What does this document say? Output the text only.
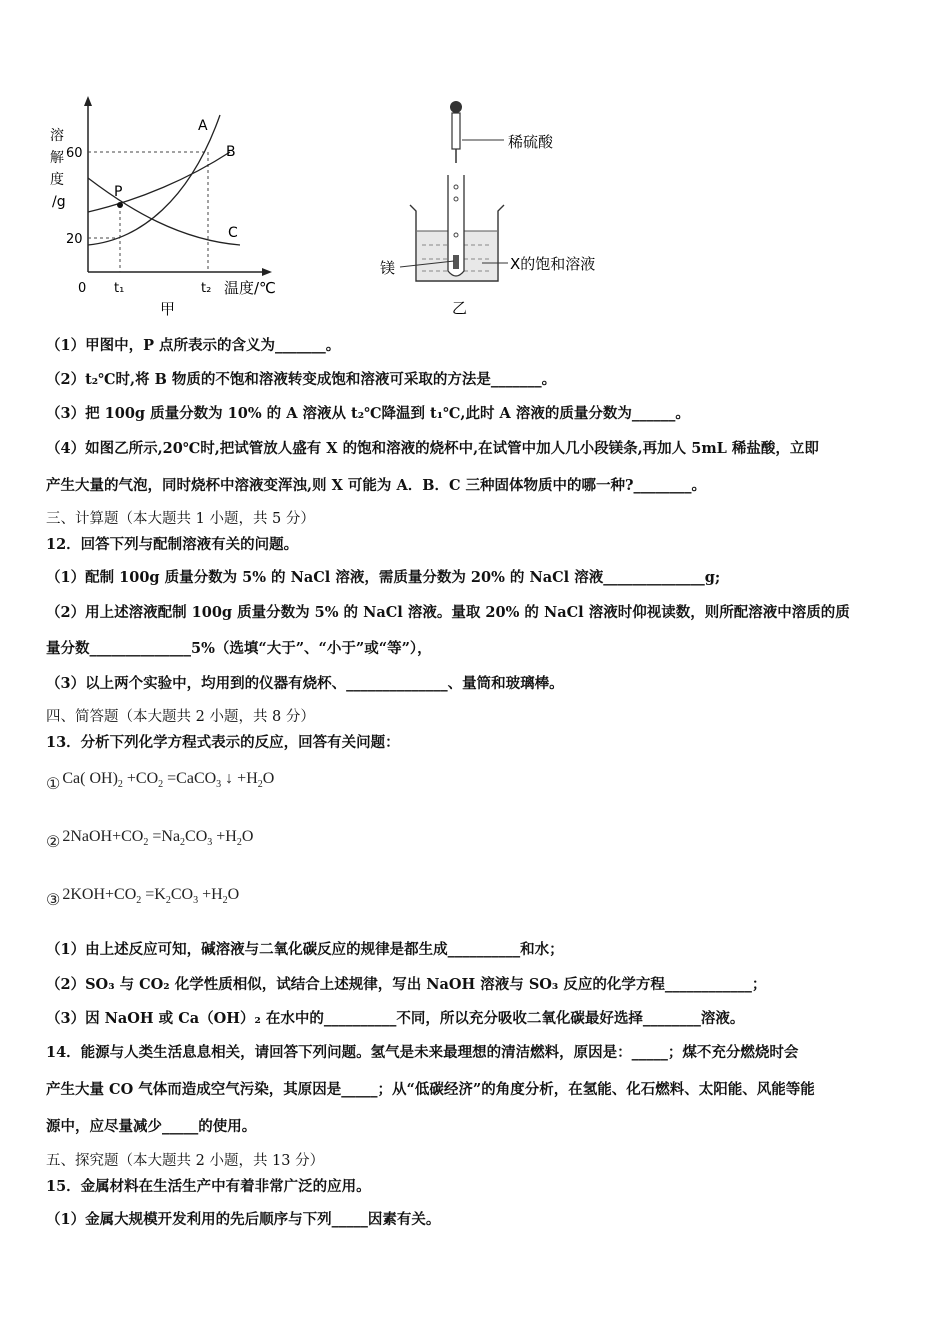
溶
解
度
/g
60
20
0 t₁	t₂ 温度/℃
A
B
C
P
甲
稀硫酸
镁	X的饱和溶液
乙
（1）甲图中，P 点所表示的含义为_______。
（2）t₂℃时,将 B 物质的不饱和溶液转变成饱和溶液可采取的方法是_______。
（3）把 100g 质量分数为 10% 的 A 溶液从 t₂℃降温到 t₁℃,此时 A 溶液的质量分数为______。
（4）如图乙所示,20℃时,把试管放人盛有 X 的饱和溶液的烧杯中,在试管中加人几小段镁条,再加人 5mL 稀盐酸，立即
产生大量的气泡，同时烧杯中溶液变浑浊,则 X 可能为 A．B．C 三种固体物质中的哪一种?________。
三、计算题（本大题共 1 小题，共 5 分）
12．回答下列与配制溶液有关的问题。
（1）配制 100g 质量分数为 5% 的 NaCl 溶液，需质量分数为 20% 的 NaCl 溶液______________g;
（2）用上述溶液配制 100g 质量分数为 5% 的 NaCl 溶液。量取 20% 的 NaCl 溶液时仰视读数，则所配溶液中溶质的质
量分数______________5%（选填“大于”、“小于”或“等”），
（3）以上两个实验中，均用到的仪器有烧杯、______________、量筒和玻璃棒。
四、简答题（本大题共 2 小题，共 8 分）
13．分析下列化学方程式表示的反应，回答有关问题：
① Ca( $OH)_2 +CO_2$ =CaCO$_3$ ↓ $+H_2O$
② $2NaOH+CO_2 =Na_2CO_3 +H_2O$
③ $2KOH+CO_2 =K_2CO_3 +H_2O$
（1）由上述反应可知，碱溶液与二氧化碳反应的规律是都生成__________和水；
（2）SO₃ 与 CO₂ 化学性质相似，试结合上述规律，写出 NaOH 溶液与 SO₃ 反应的化学方程____________；
（3）因 NaOH 或 Ca（OH）₂ 在水中的__________不同，所以充分吸收二氧化碳最好选择________溶液。
14．能源与人类生活息息相关，请回答下列问题。氢气是未来最理想的清洁燃料，原因是：_____；煤不充分燃烧时会
产生大量 CO 气体而造成空气污染，其原因是_____；从“低碳经济”的角度分析，在氢能、化石燃料、太阳能、风能等能
源中，应尽量减少_____的使用。
五、探究题（本大题共 2 小题，共 13 分）
15．金属材料在生活生产中有着非常广泛的应用。
（1）金属大规模开发利用的先后顺序与下列_____因素有关。
